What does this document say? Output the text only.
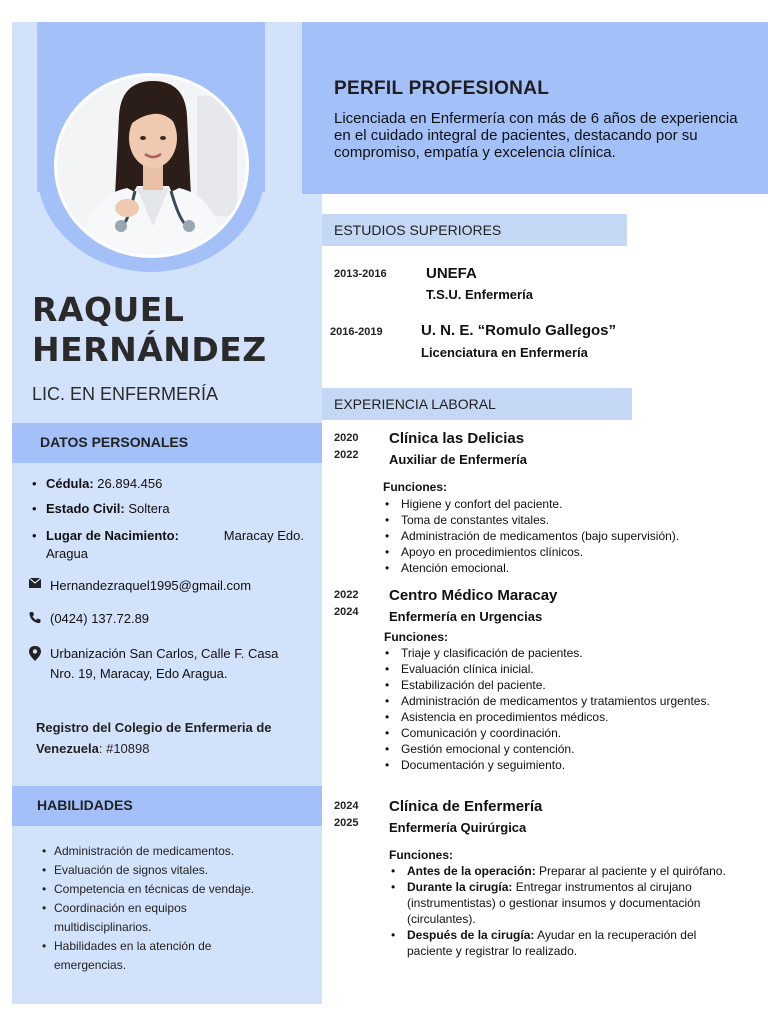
RAQUEL
HERNÁNDEZ
LIC. EN ENFERMERÍA
DATOS PERSONALES
• Cédula: 26.894.456
• Estado Civil: Soltera
• Lugar de Nacimiento:	Maracay Edo.
Aragua
Hernandezraquel1995@gmail.com
(0424) 137.72.89
Urbanización San Carlos, Calle F. Casa
Nro. 19, Maracay, Edo Aragua.
Registro del Colegio de Enfermeria de
Venezuela: #10898
HABILIDADES
• Administración de medicamentos.
• Evaluación de signos vitales.
• Competencia en técnicas de vendaje.
• Coordinación en equipos multidisciplinarios.
• Habilidades en la atención de emergencias.
PERFIL PROFESIONAL
Licenciada en Enfermería con más de 6 años de experiencia en el cuidado integral de pacientes, destacando por su compromiso, empatía y excelencia clínica.
ESTUDIOS SUPERIORES
2013-2016	UNEFA
T.S.U. Enfermería
2016-2019	U. N. E. “Romulo Gallegos”
Licenciatura en Enfermería
EXPERIENCIA LABORAL
2020
2022
Clínica las Delicias
Auxiliar de Enfermería
Funciones:
• Higiene y confort del paciente.
• Toma de constantes vitales.
• Administración de medicamentos (bajo supervisión).
• Apoyo en procedimientos clínicos.
• Atención emocional.
2022
2024
Centro Médico Maracay
Enfermería en Urgencias
Funciones:
• Triaje y clasificación de pacientes.
• Evaluación clínica inicial.
• Estabilización del paciente.
• Administración de medicamentos y tratamientos urgentes.
• Asistencia en procedimientos médicos.
• Comunicación y coordinación.
• Gestión emocional y contención.
• Documentación y seguimiento.
2024
2025
Clínica de Enfermería
Enfermería Quirúrgica
Funciones:
• Antes de la operación: Preparar al paciente y el quirófano.
• Durante la cirugía: Entregar instrumentos al cirujano (instrumentistas) o gestionar insumos y documentación (circulantes).
• Después de la cirugía: Ayudar en la recuperación del paciente y registrar lo realizado.
